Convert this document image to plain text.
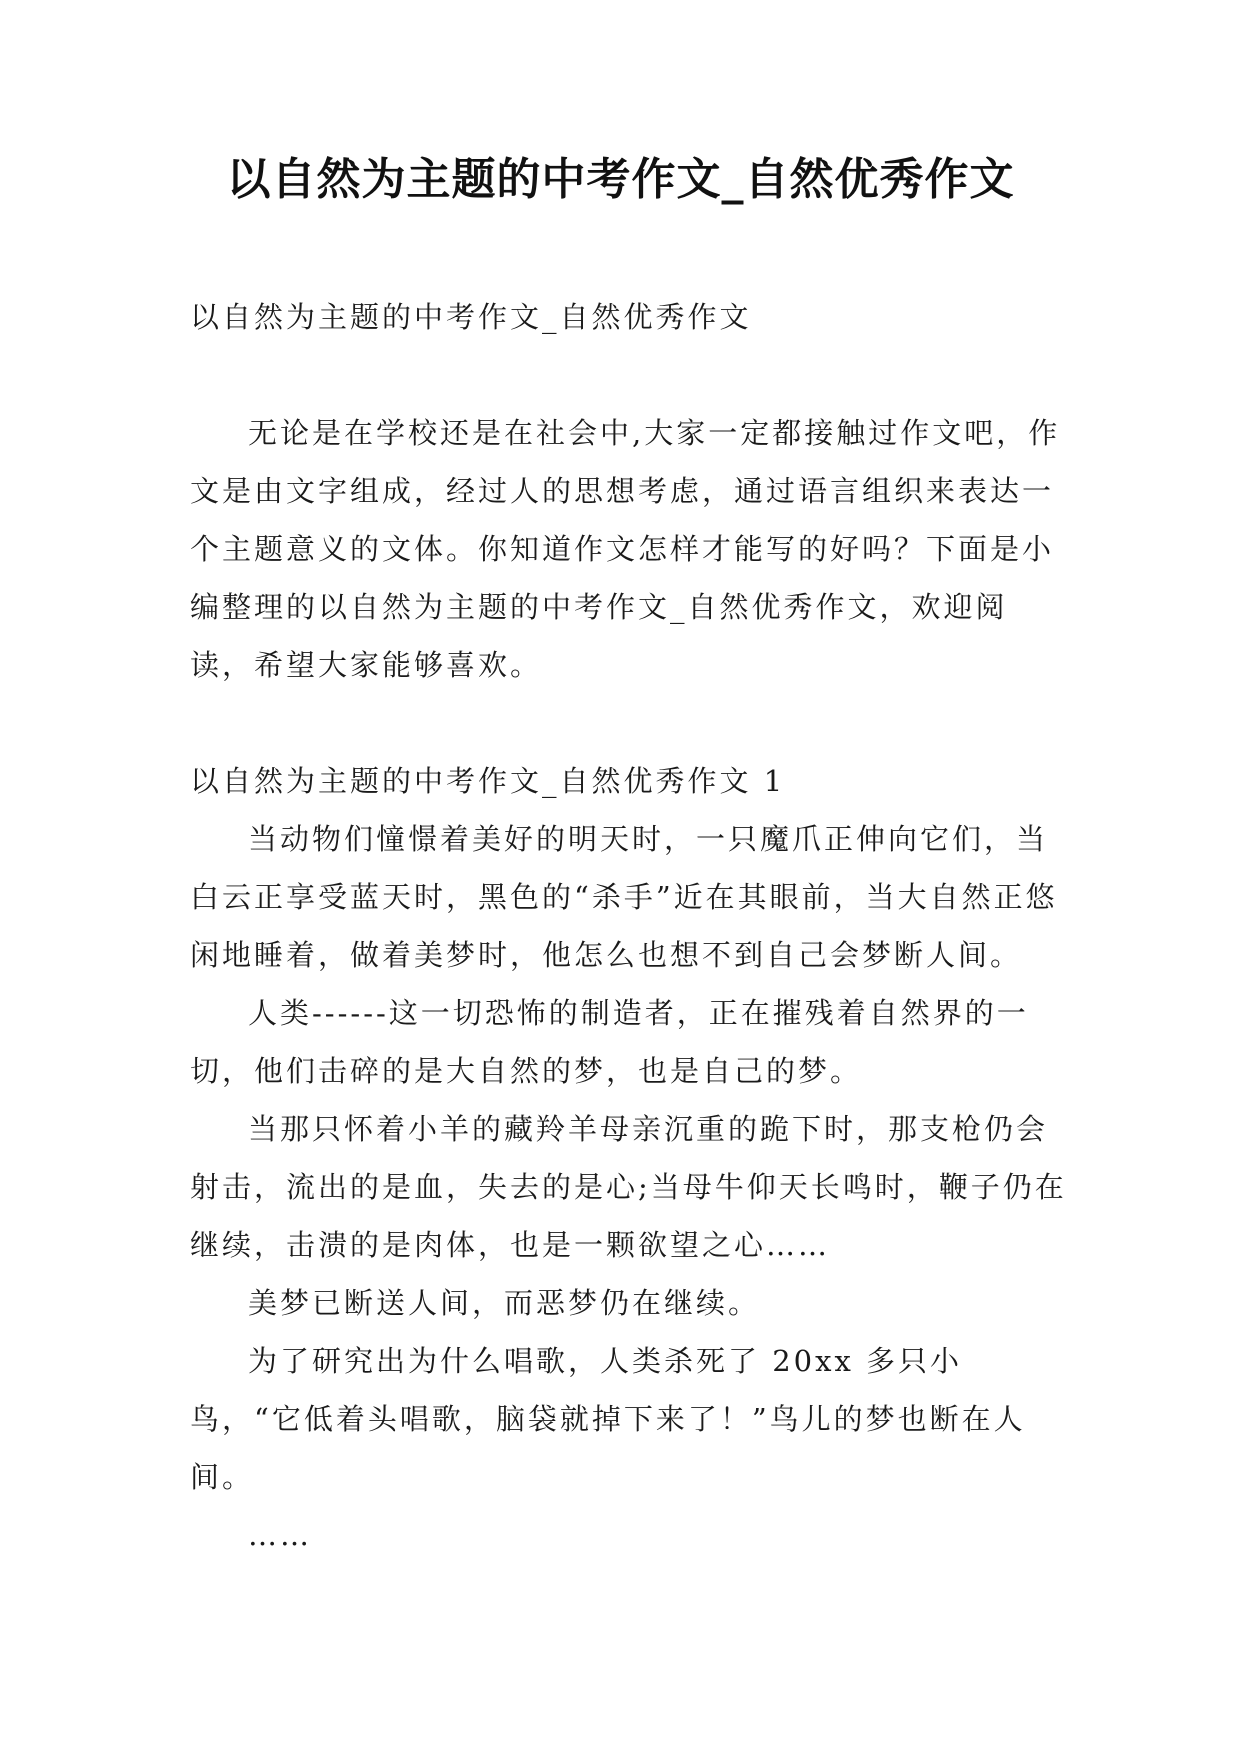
以自然为主题的中考作文_自然优秀作文

以自然为主题的中考作文_自然优秀作文

无论是在学校还是在社会中,大家一定都接触过作文吧，作文是由文字组成，经过人的思想考虑，通过语言组织来表达一个主题意义的文体。你知道作文怎样才能写的好吗？下面是小编整理的以自然为主题的中考作文_自然优秀作文，欢迎阅读，希望大家能够喜欢。

以自然为主题的中考作文_自然优秀作文 1

当动物们憧憬着美好的明天时，一只魔爪正伸向它们，当白云正享受蓝天时，黑色的“杀手”近在其眼前，当大自然正悠闲地睡着，做着美梦时，他怎么也想不到自己会梦断人间。

人类------这一切恐怖的制造者，正在摧残着自然界的一切，他们击碎的是大自然的梦，也是自己的梦。

当那只怀着小羊的藏羚羊母亲沉重的跪下时，那支枪仍会射击，流出的是血，失去的是心;当母牛仰天长鸣时，鞭子仍在继续，击溃的是肉体，也是一颗欲望之心……

美梦已断送人间，而恶梦仍在继续。

为了研究出为什么唱歌，人类杀死了 20xx 多只小鸟，“它低着头唱歌，脑袋就掉下来了！”鸟儿的梦也断在人间。

……
